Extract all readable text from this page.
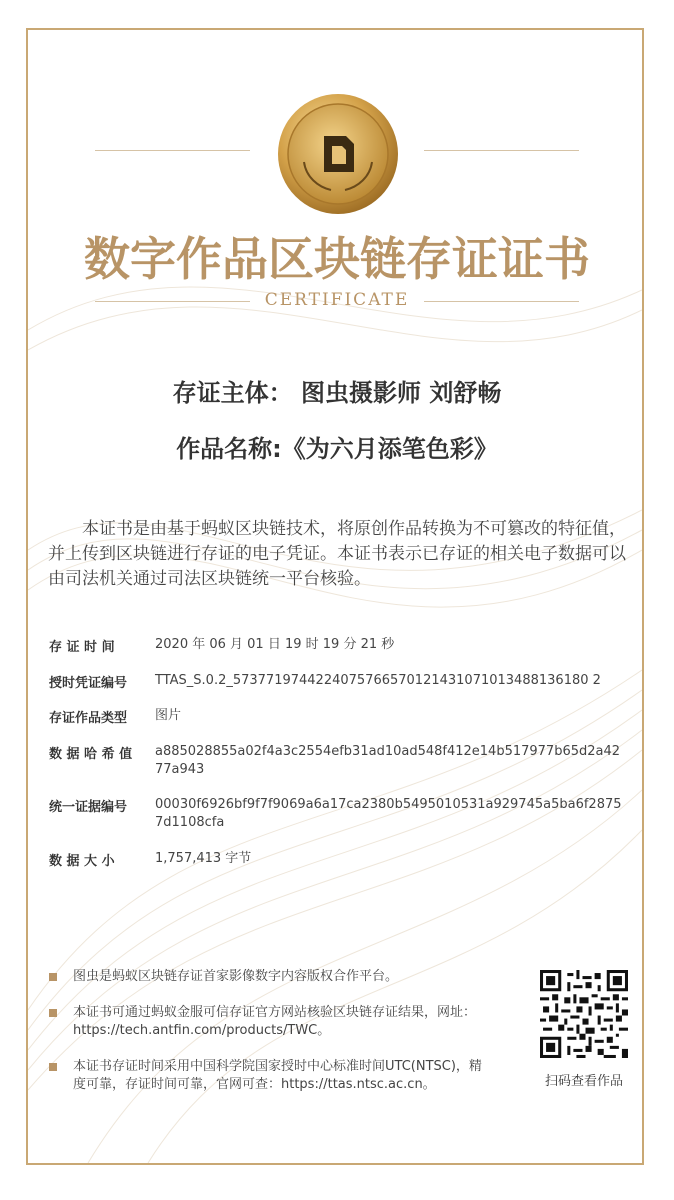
数字作品区块链存证证书
CERTIFICATE
存证主体： 图虫摄影师 刘舒畅
作品名称:《为六月添笔色彩》
本证书是由基于蚂蚁区块链技术，将原创作品转换为不可篡改的特征值，并上传到区块链进行存证的电子凭证。本证书表示已存证的相关电子数据可以由司法机关通过司法区块链统一平台核验。
存 证 时 间	2020 年 06 月 01 日 19 时 19 分 21 秒
授时凭证编号	TTAS_S.0.2_5737719744224075766570121431071013488136180 2
存证作品类型	图片
数 据 哈 希 值	a885028855a02f4a3c2554efb31ad10ad548f412e14b517977b65d2a4277a943
统一证据编号	00030f6926bf9f7f9069a6a17ca2380b5495010531a929745a5ba6f28757d1108cfa
数 据 大 小	1,757,413 字节
图虫是蚂蚁区块链存证首家影像数字内容版权合作平台。
本证书可通过蚂蚁金服可信存证官方网站核验区块链存证结果，网址：https://tech.antfin.com/products/TWC。
本证书存证时间采用中国科学院国家授时中心标准时间UTC(NTSC)，精度可靠，存证时间可靠，官网可查：https://ttas.ntsc.ac.cn。	扫码查看作品
